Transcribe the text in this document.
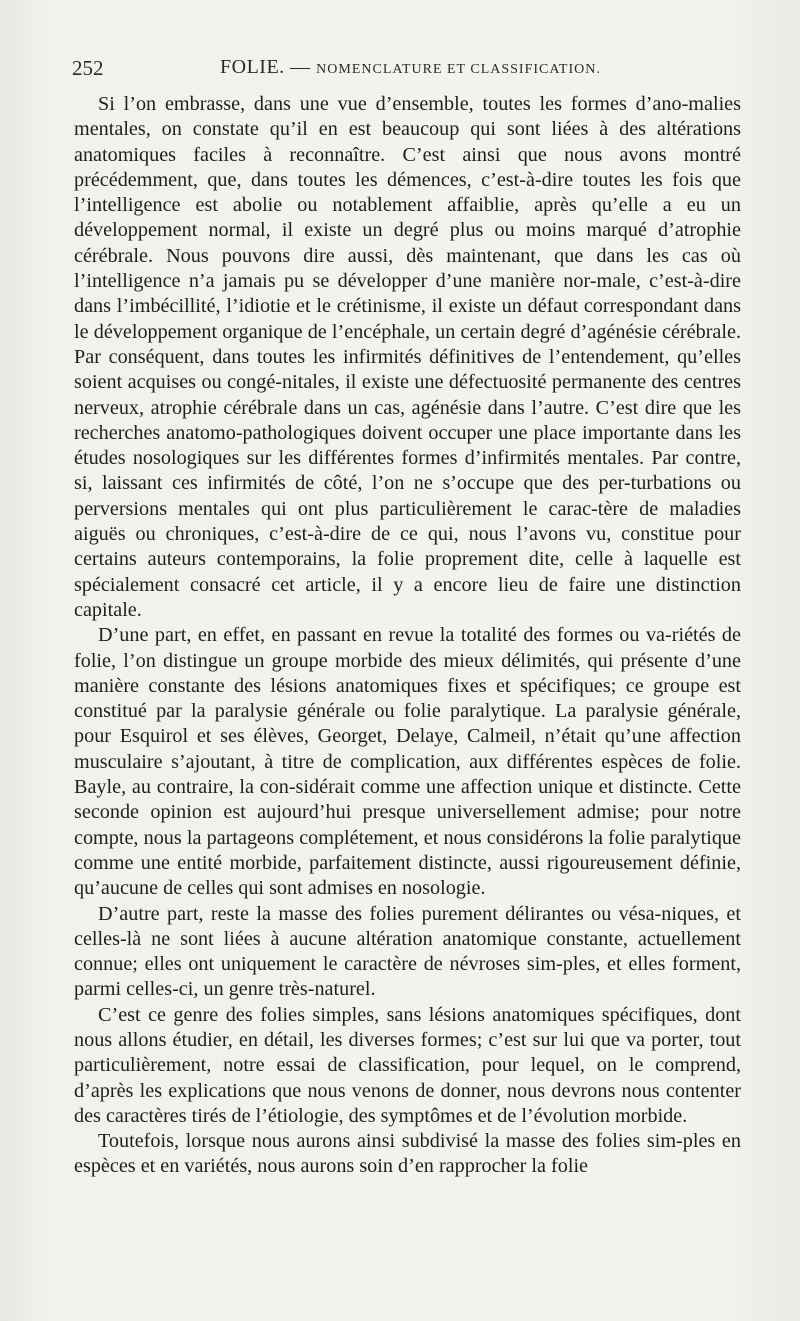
252	FOLIE. — NOMENCLATURE ET CLASSIFICATION.

Si l’on embrasse, dans une vue d’ensemble, toutes les formes d’ano-malies mentales, on constate qu’il en est beaucoup qui sont liées à des altérations anatomiques faciles à reconnaître. C’est ainsi que nous avons montré précédemment, que, dans toutes les démences, c’est-à-dire toutes les fois que l’intelligence est abolie ou notablement affaiblie, après qu’elle a eu un développement normal, il existe un degré plus ou moins marqué d’atrophie cérébrale. Nous pouvons dire aussi, dès maintenant, que dans les cas où l’intelligence n’a jamais pu se développer d’une manière nor-male, c’est-à-dire dans l’imbécillité, l’idiotie et le crétinisme, il existe un défaut correspondant dans le développement organique de l’encéphale, un certain degré d’agénésie cérébrale. Par conséquent, dans toutes les infirmités définitives de l’entendement, qu’elles soient acquises ou congé-nitales, il existe une défectuosité permanente des centres nerveux, atrophie cérébrale dans un cas, agénésie dans l’autre. C’est dire que les recherches anatomo-pathologiques doivent occuper une place importante dans les études nosologiques sur les différentes formes d’infirmités mentales. Par contre, si, laissant ces infirmités de côté, l’on ne s’occupe que des per-turbations ou perversions mentales qui ont plus particulièrement le carac-tère de maladies aiguës ou chroniques, c’est-à-dire de ce qui, nous l’avons vu, constitue pour certains auteurs contemporains, la folie proprement dite, celle à laquelle est spécialement consacré cet article, il y a encore lieu de faire une distinction capitale.

D’une part, en effet, en passant en revue la totalité des formes ou va-riétés de folie, l’on distingue un groupe morbide des mieux délimités, qui présente d’une manière constante des lésions anatomiques fixes et spécifiques; ce groupe est constitué par la paralysie générale ou folie paralytique. La paralysie générale, pour Esquirol et ses élèves, Georget, Delaye, Calmeil, n’était qu’une affection musculaire s’ajoutant, à titre de complication, aux différentes espèces de folie. Bayle, au contraire, la con-sidérait comme une affection unique et distincte. Cette seconde opinion est aujourd’hui presque universellement admise; pour notre compte, nous la partageons complétement, et nous considérons la folie paralytique comme une entité morbide, parfaitement distincte, aussi rigoureusement définie, qu’aucune de celles qui sont admises en nosologie.

D’autre part, reste la masse des folies purement délirantes ou vésa-niques, et celles-là ne sont liées à aucune altération anatomique constante, actuellement connue; elles ont uniquement le caractère de névroses sim-ples, et elles forment, parmi celles-ci, un genre très-naturel.

C’est ce genre des folies simples, sans lésions anatomiques spécifiques, dont nous allons étudier, en détail, les diverses formes; c’est sur lui que va porter, tout particulièrement, notre essai de classification, pour lequel, on le comprend, d’après les explications que nous venons de donner, nous devrons nous contenter des caractères tirés de l’étiologie, des symptômes et de l’évolution morbide.

Toutefois, lorsque nous aurons ainsi subdivisé la masse des folies sim-ples en espèces et en variétés, nous aurons soin d’en rapprocher la folie
